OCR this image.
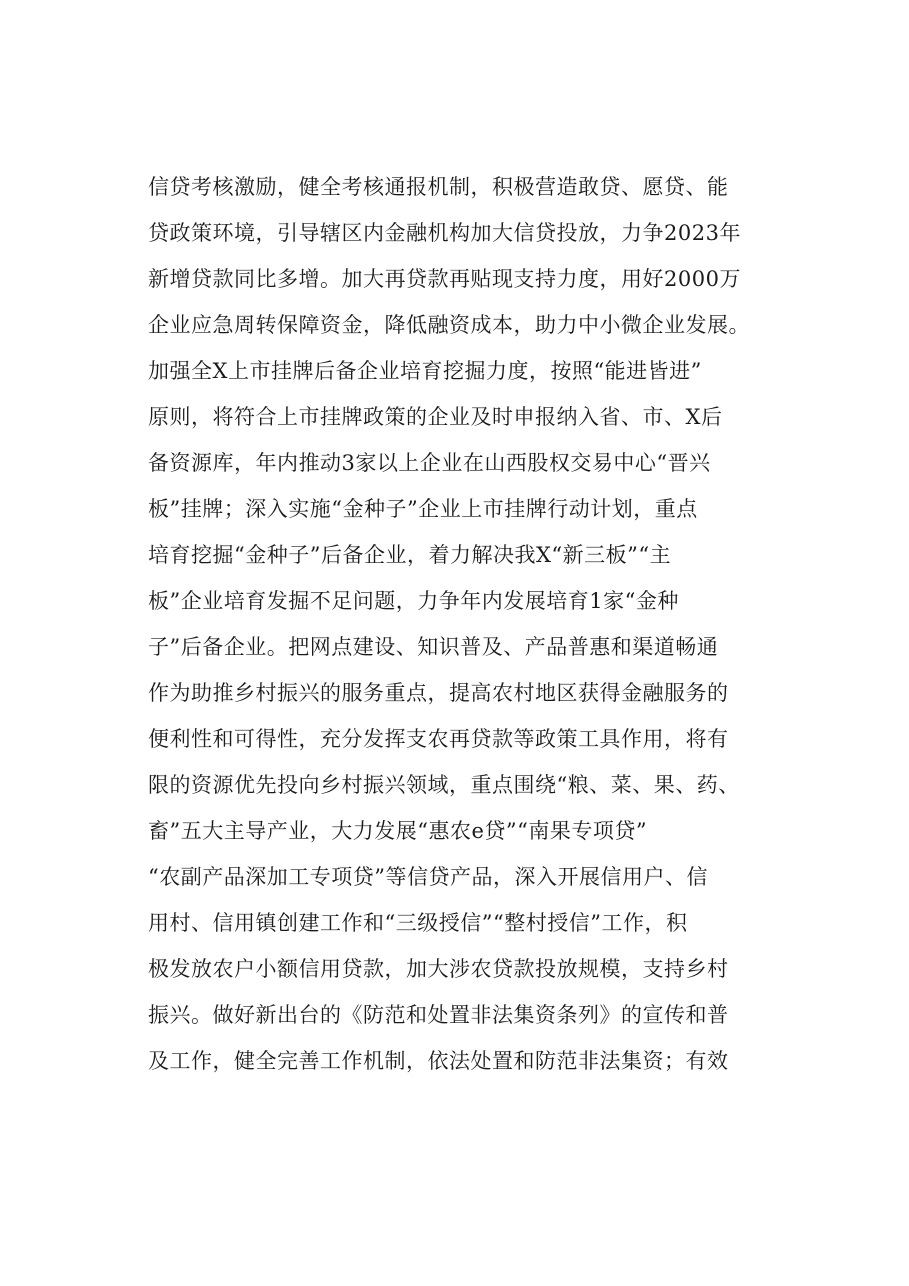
信贷考核激励，健全考核通报机制，积极营造敢贷、愿贷、能
贷政策环境，引导辖区内金融机构加大信贷投放，力争2023年
新增贷款同比多增。加大再贷款再贴现支持力度，用好2000万
企业应急周转保障资金，降低融资成本，助力中小微企业发展。
加强全X上市挂牌后备企业培育挖掘力度，按照“能进皆进”
原则，将符合上市挂牌政策的企业及时申报纳入省、市、X后
备资源库，年内推动3家以上企业在山西股权交易中心“晋兴
板”挂牌；深入实施“金种子”企业上市挂牌行动计划，重点
培育挖掘“金种子”后备企业，着力解决我X“新三板”“主
板”企业培育发掘不足问题，力争年内发展培育1家“金种
子”后备企业。把网点建设、知识普及、产品普惠和渠道畅通
作为助推乡村振兴的服务重点，提高农村地区获得金融服务的
便利性和可得性，充分发挥支农再贷款等政策工具作用，将有
限的资源优先投向乡村振兴领域，重点围绕“粮、菜、果、药、
畜”五大主导产业，大力发展“惠农e贷”“南果专项贷”
“农副产品深加工专项贷”等信贷产品，深入开展信用户、信
用村、信用镇创建工作和“三级授信”“整村授信”工作，积
极发放农户小额信用贷款，加大涉农贷款投放规模，支持乡村
振兴。做好新出台的《防范和处置非法集资条列》的宣传和普
及工作，健全完善工作机制，依法处置和防范非法集资；有效
